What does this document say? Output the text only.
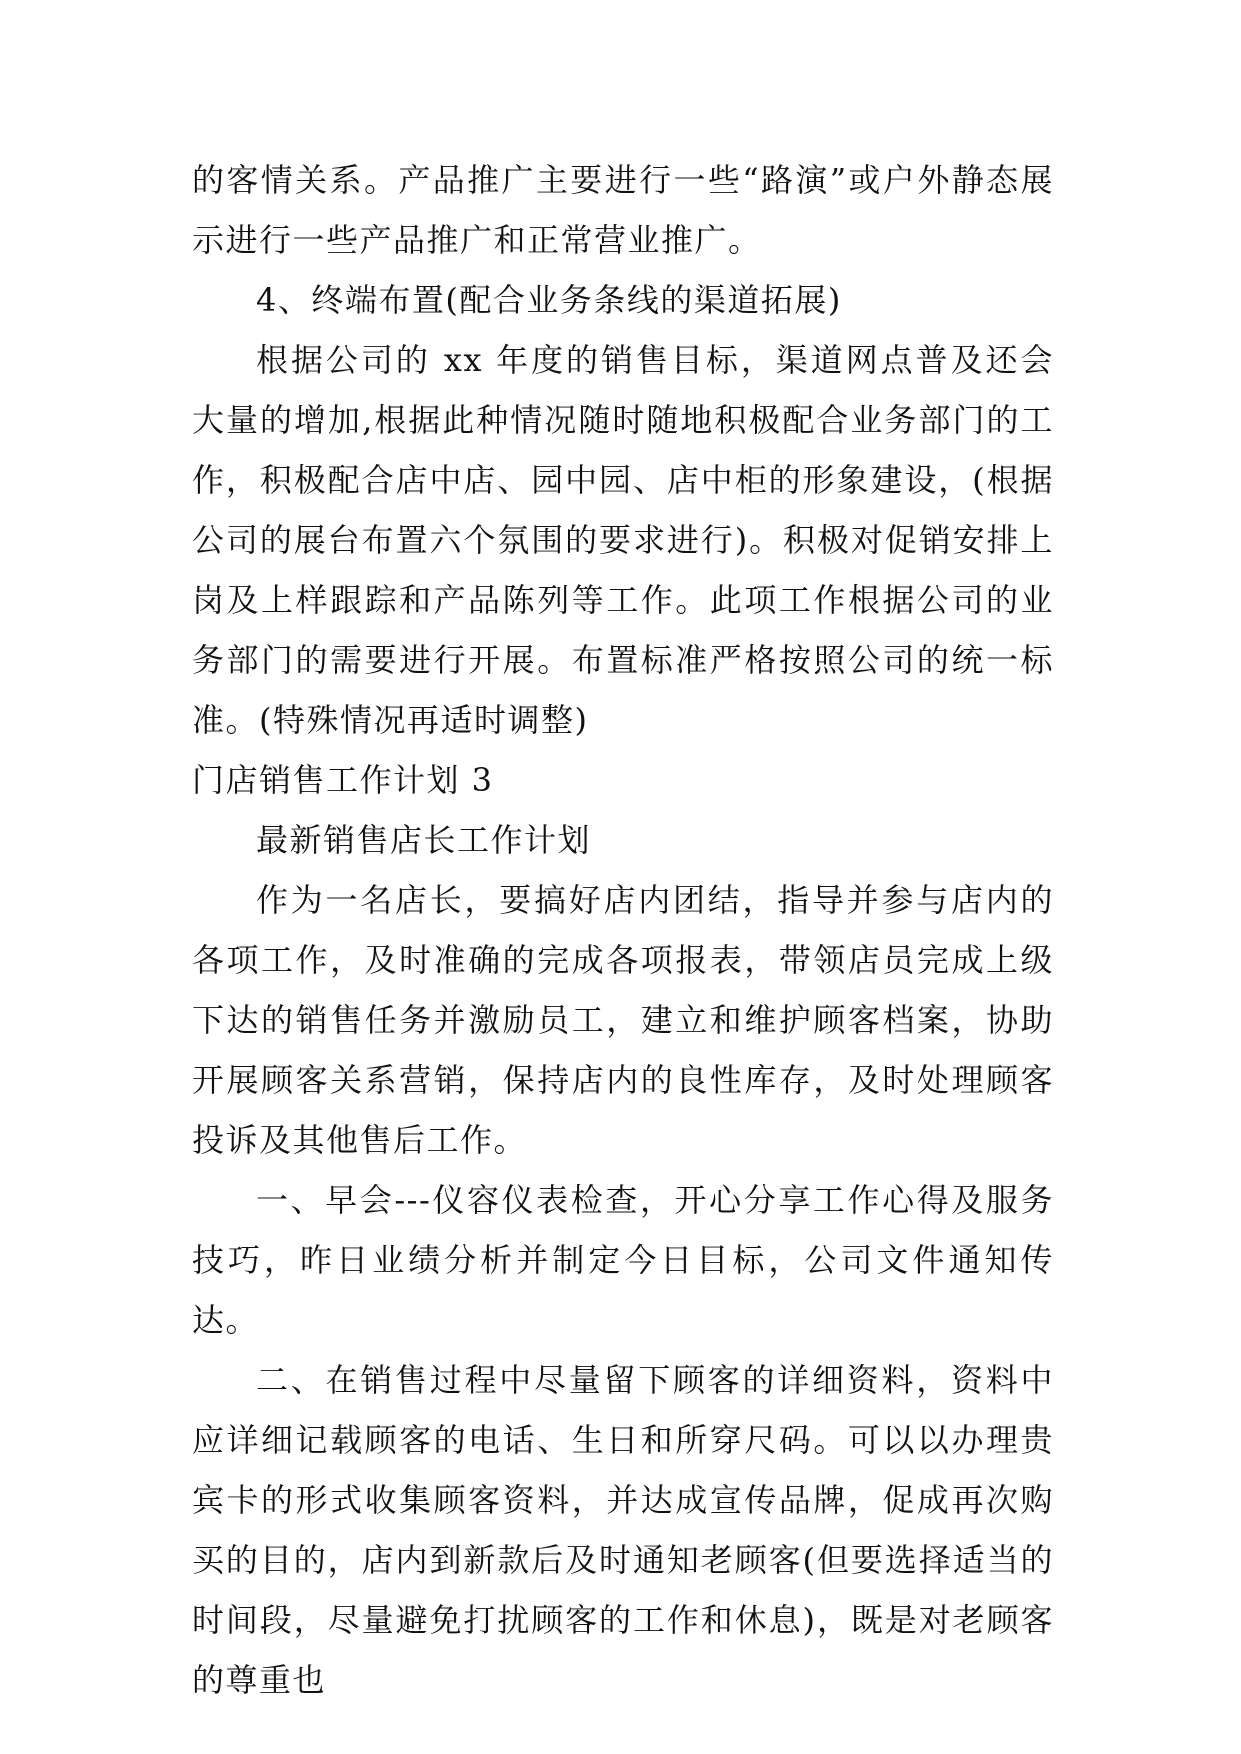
的客情关系。产品推广主要进行一些“路演”或户外静态展示进行一些产品推广和正常营业推广。

4、终端布置(配合业务条线的渠道拓展)

根据公司的 xx 年度的销售目标，渠道网点普及还会大量的增加,根据此种情况随时随地积极配合业务部门的工作，积极配合店中店、园中园、店中柜的形象建设，(根据公司的展台布置六个氛围的要求进行)。积极对促销安排上岗及上样跟踪和产品陈列等工作。此项工作根据公司的业务部门的需要进行开展。布置标准严格按照公司的统一标准。(特殊情况再适时调整)

门店销售工作计划 3

最新销售店长工作计划

作为一名店长，要搞好店内团结，指导并参与店内的各项工作，及时准确的完成各项报表，带领店员完成上级下达的销售任务并激励员工，建立和维护顾客档案，协助开展顾客关系营销，保持店内的良性库存，及时处理顾客投诉及其他售后工作。

一、早会---仪容仪表检查，开心分享工作心得及服务技巧，昨日业绩分析并制定今日目标，公司文件通知传达。

二、在销售过程中尽量留下顾客的详细资料，资料中应详细记载顾客的电话、生日和所穿尺码。可以以办理贵宾卡的形式收集顾客资料，并达成宣传品牌，促成再次购买的目的，店内到新款后及时通知老顾客(但要选择适当的时间段，尽量避免打扰顾客的工作和休息)，既是对老顾客的尊重也
